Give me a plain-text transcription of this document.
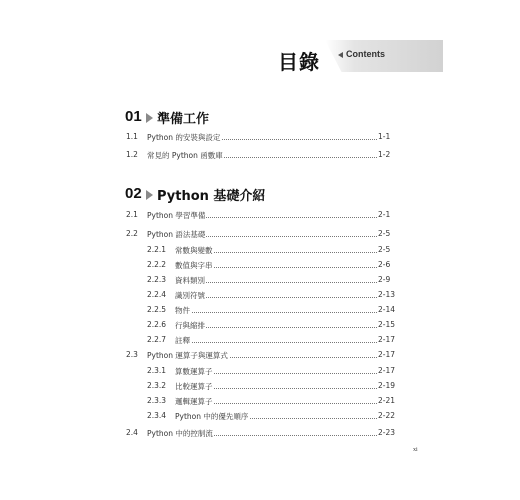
目錄	Contents
01 準備工作
1.1 Python 的安裝與設定	1-1
1.2 常見的 Python 函數庫	1-2
02 Python 基礎介紹
2.1 Python 學習準備	2-1
2.2 Python 語法基礎	2-5
2.2.1 常數與變數	2-5
2.2.2 數值與字串	2-6
2.2.3 資料類別	2-9
2.2.4 識別符號	2-13
2.2.5 物件	2-14
2.2.6 行與縮排	2-15
2.2.7 註釋	2-17
2.3 Python 運算子與運算式	2-17
2.3.1 算數運算子	2-17
2.3.2 比較運算子	2-19
2.3.3 邏輯運算子	2-21
2.3.4 Python 中的優先順序	2-22
2.4 Python 中的控制流	2-23
xi
